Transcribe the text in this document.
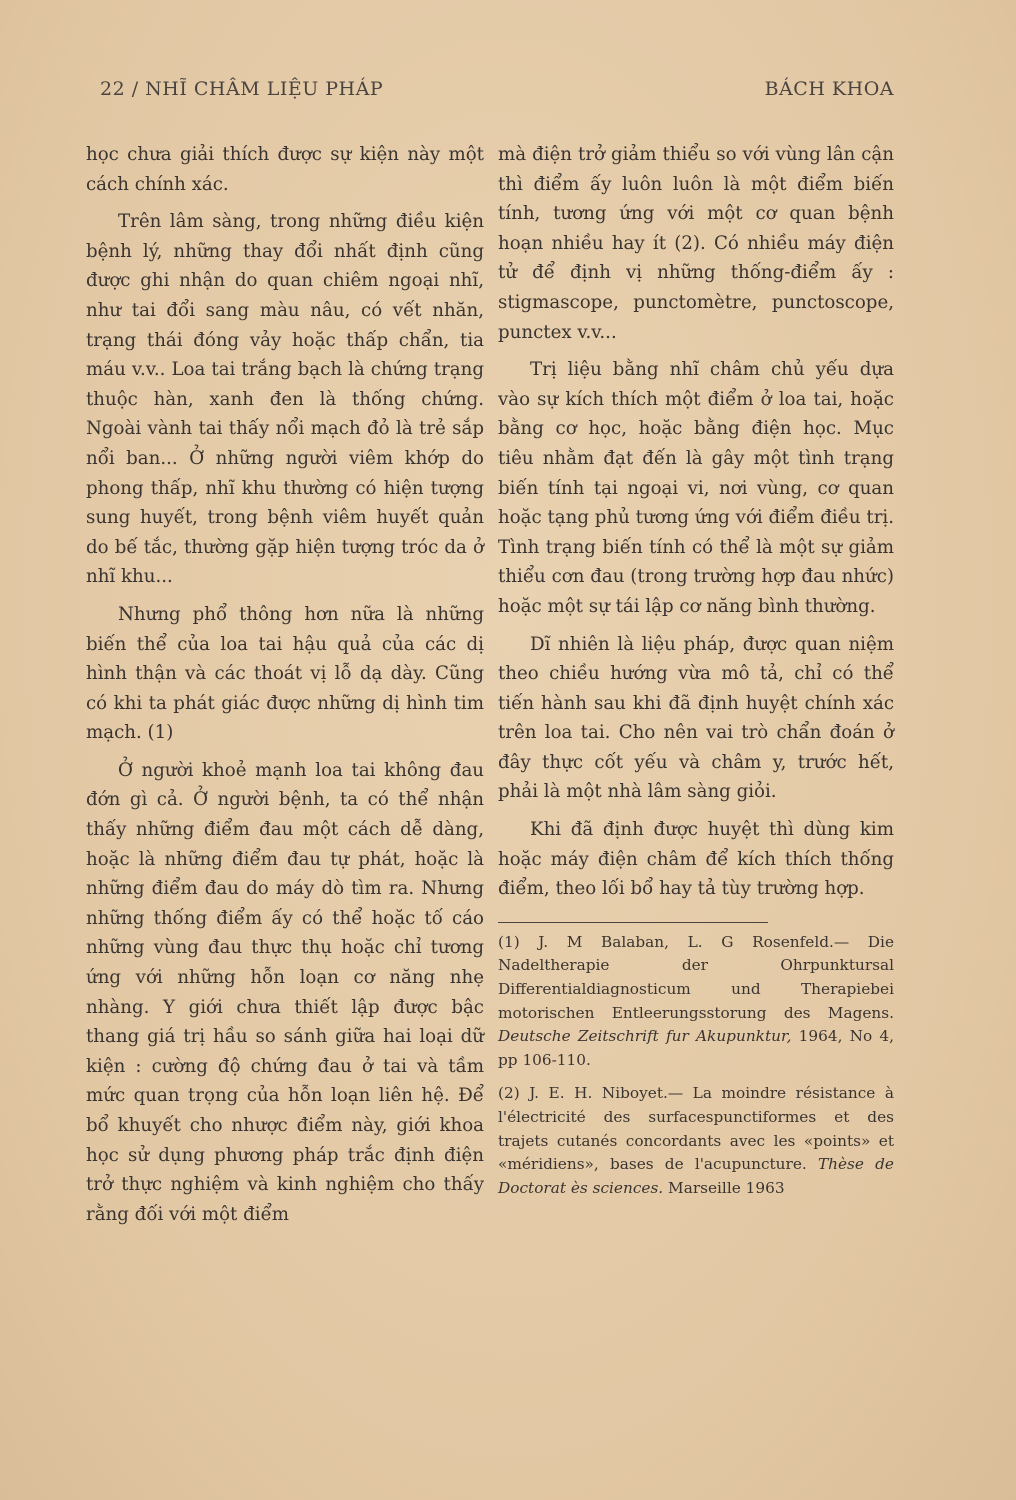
22 / NHĨ CHÂM LIỆU PHÁP	BÁCH KHOA

học chưa giải thích được sự kiện này một cách chính xác.

Trên lâm sàng, trong những điều kiện bệnh lý, những thay đổi nhất định cũng được ghi nhận do quan chiêm ngoại nhĩ, như tai đổi sang màu nâu, có vết nhăn, trạng thái đóng vảy hoặc thấp chẩn, tia máu v.v.. Loa tai trắng bạch là chứng trạng thuộc hàn, xanh đen là thống chứng. Ngoài vành tai thấy nổi mạch đỏ là trẻ sắp nổi ban... Ở những người viêm khớp do phong thấp, nhĩ khu thường có hiện tượng sung huyết, trong bệnh viêm huyết quản do bế tắc, thường gặp hiện tượng tróc da ở nhĩ khu...

Nhưng phổ thông hơn nữa là những biến thể của loa tai hậu quả của các dị hình thận và các thoát vị lỗ dạ dày. Cũng có khi ta phát giác được những dị hình tim mạch. (1)

Ở người khoẻ mạnh loa tai không đau đớn gì cả. Ở người bệnh, ta có thể nhận thấy những điểm đau một cách dễ dàng, hoặc là những điểm đau tự phát, hoặc là những điểm đau do máy dò tìm ra. Nhưng những thống điểm ấy có thể hoặc tố cáo những vùng đau thực thụ hoặc chỉ tương ứng với những hỗn loạn cơ năng nhẹ nhàng. Y giới chưa thiết lập được bậc thang giá trị hầu so sánh giữa hai loại dữ kiện : cường độ chứng đau ở tai và tầm mức quan trọng của hỗn loạn liên hệ. Để bổ khuyết cho nhược điểm này, giới khoa học sử dụng phương pháp trắc định điện trở thực nghiệm và kinh nghiệm cho thấy rằng đối với một điểm

mà điện trở giảm thiểu so với vùng lân cận thì điểm ấy luôn luôn là một điểm biến tính, tương ứng với một cơ quan bệnh hoạn nhiều hay ít (2). Có nhiều máy điện tử để định vị những thống-điểm ấy : stigmascope, punctomètre, punctoscope, punctex v.v...

Trị liệu bằng nhĩ châm chủ yếu dựa vào sự kích thích một điểm ở loa tai, hoặc bằng cơ học, hoặc bằng điện học. Mục tiêu nhằm đạt đến là gây một tình trạng biến tính tại ngoại vi, nơi vùng, cơ quan hoặc tạng phủ tương ứng với điểm điều trị. Tình trạng biến tính có thể là một sự giảm thiểu cơn đau (trong trường hợp đau nhức) hoặc một sự tái lập cơ năng bình thường.

Dĩ nhiên là liệu pháp, được quan niệm theo chiều hướng vừa mô tả, chỉ có thể tiến hành sau khi đã định huyệt chính xác trên loa tai. Cho nên vai trò chẩn đoán ở đây thực cốt yếu và châm y, trước hết, phải là một nhà lâm sàng giỏi.

Khi đã định được huyệt thì dùng kim hoặc máy điện châm để kích thích thống điểm, theo lối bổ hay tả tùy trường hợp.

(1) J. M Balaban, L. G Rosenfeld.— Die Nadeltherapie der Ohrpunktursal Differentialdiagnosticum und Therapiebei motorischen Entleerungsstorung des Magens. Deutsche Zeitschrift fur Akupunktur, 1964, No 4, pp 106-110.
(2) J. E. H. Niboyet.— La moindre résistance à l'électricité des surfacespunctiformes et des trajets cutanés concordants avec les «points» et «méridiens», bases de l'acupuncture. Thèse de Doctorat ès sciences. Marseille 1963
